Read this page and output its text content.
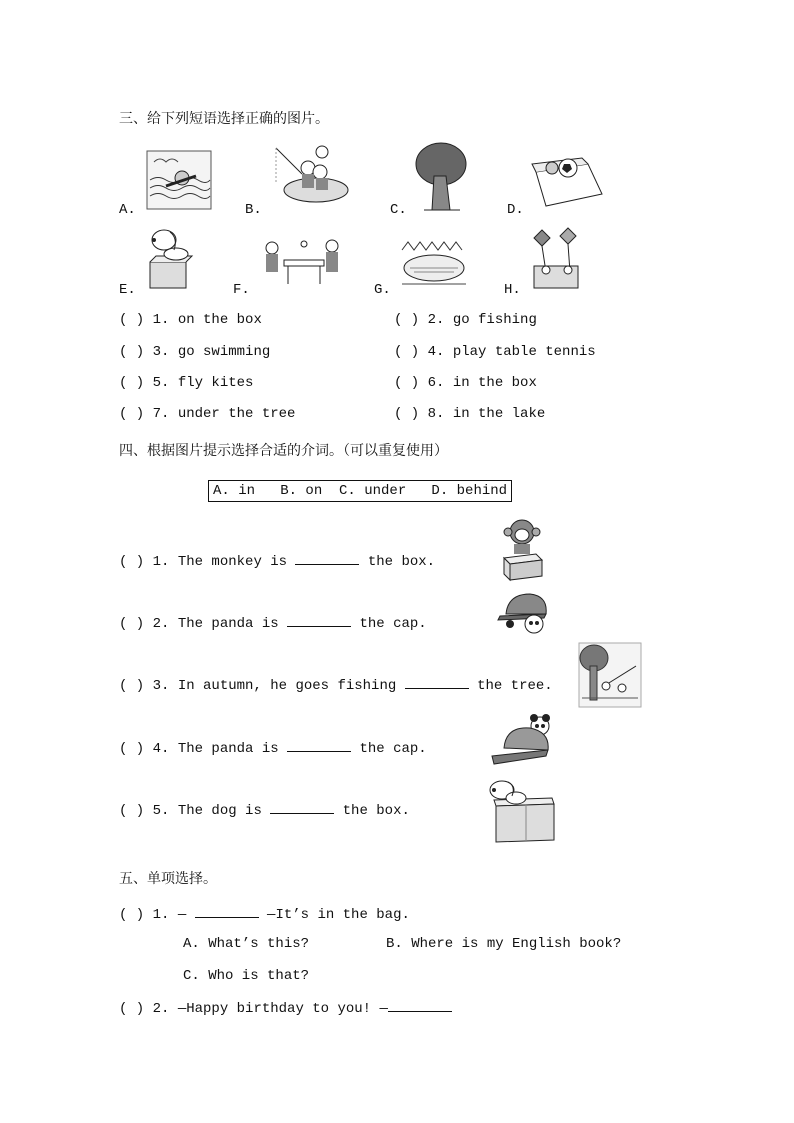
三、给下列短语选择正确的图片。
A.	B.	C.	D.
E.	F.	G.	H.
( ) 1. on the box	( ) 2. go fishing
( ) 3. go swimming	( ) 4. play table tennis
( ) 5. fly kites	( ) 6. in the box
( ) 7. under the tree	( ) 8. in the lake
四、根据图片提示选择合适的介词。（可以重复使用）
A. in   B. on  C. under   D. behind
( ) 1. The monkey is	the box.
( ) 2. The panda is	the cap.
( ) 3. In autumn, he goes fishing	the tree.
( ) 4. The panda is	the cap.
( ) 5. The dog is	the box.
五、单项选择。
( ) 1. —	—It’s in the bag.
A. What’s this?	B. Where is my English book?
C. Who is that?
( ) 2. —Happy birthday to you! —
